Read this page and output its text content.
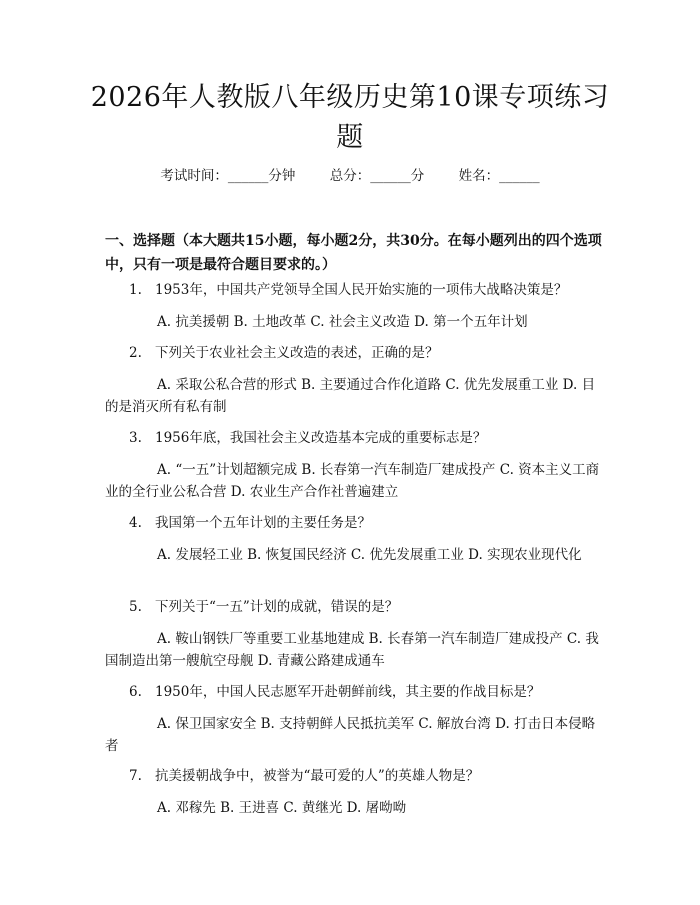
2026年人教版八年级历史第10课专项练习题
考试时间：______分钟	总分：______分	姓名：______
一、选择题（本大题共15小题，每小题2分，共30分。在每小题列出的四个选项中，只有一项是最符合题目要求的。）
1. 1953年，中国共产党领导全国人民开始实施的一项伟大战略决策是？
A. 抗美援朝 B. 土地改革 C. 社会主义改造 D. 第一个五年计划
2. 下列关于农业社会主义改造的表述，正确的是？
A. 采取公私合营的形式 B. 主要通过合作化道路 C. 优先发展重工业 D. 目的是消灭所有私有制
3. 1956年底，我国社会主义改造基本完成的重要标志是？
A. “一五”计划超额完成 B. 长春第一汽车制造厂建成投产 C. 资本主义工商业的全行业公私合营 D. 农业生产合作社普遍建立
4. 我国第一个五年计划的主要任务是？
A. 发展轻工业 B. 恢复国民经济 C. 优先发展重工业 D. 实现农业现代化
5. 下列关于“一五”计划的成就，错误的是？
A. 鞍山钢铁厂等重要工业基地建成 B. 长春第一汽车制造厂建成投产 C. 我国制造出第一艘航空母舰 D. 青藏公路建成通车
6. 1950年，中国人民志愿军开赴朝鲜前线，其主要的作战目标是？
A. 保卫国家安全 B. 支持朝鲜人民抵抗美军 C. 解放台湾 D. 打击日本侵略者
7. 抗美援朝战争中，被誉为“最可爱的人”的英雄人物是？
A. 邓稼先 B. 王进喜 C. 黄继光 D. 屠呦呦
